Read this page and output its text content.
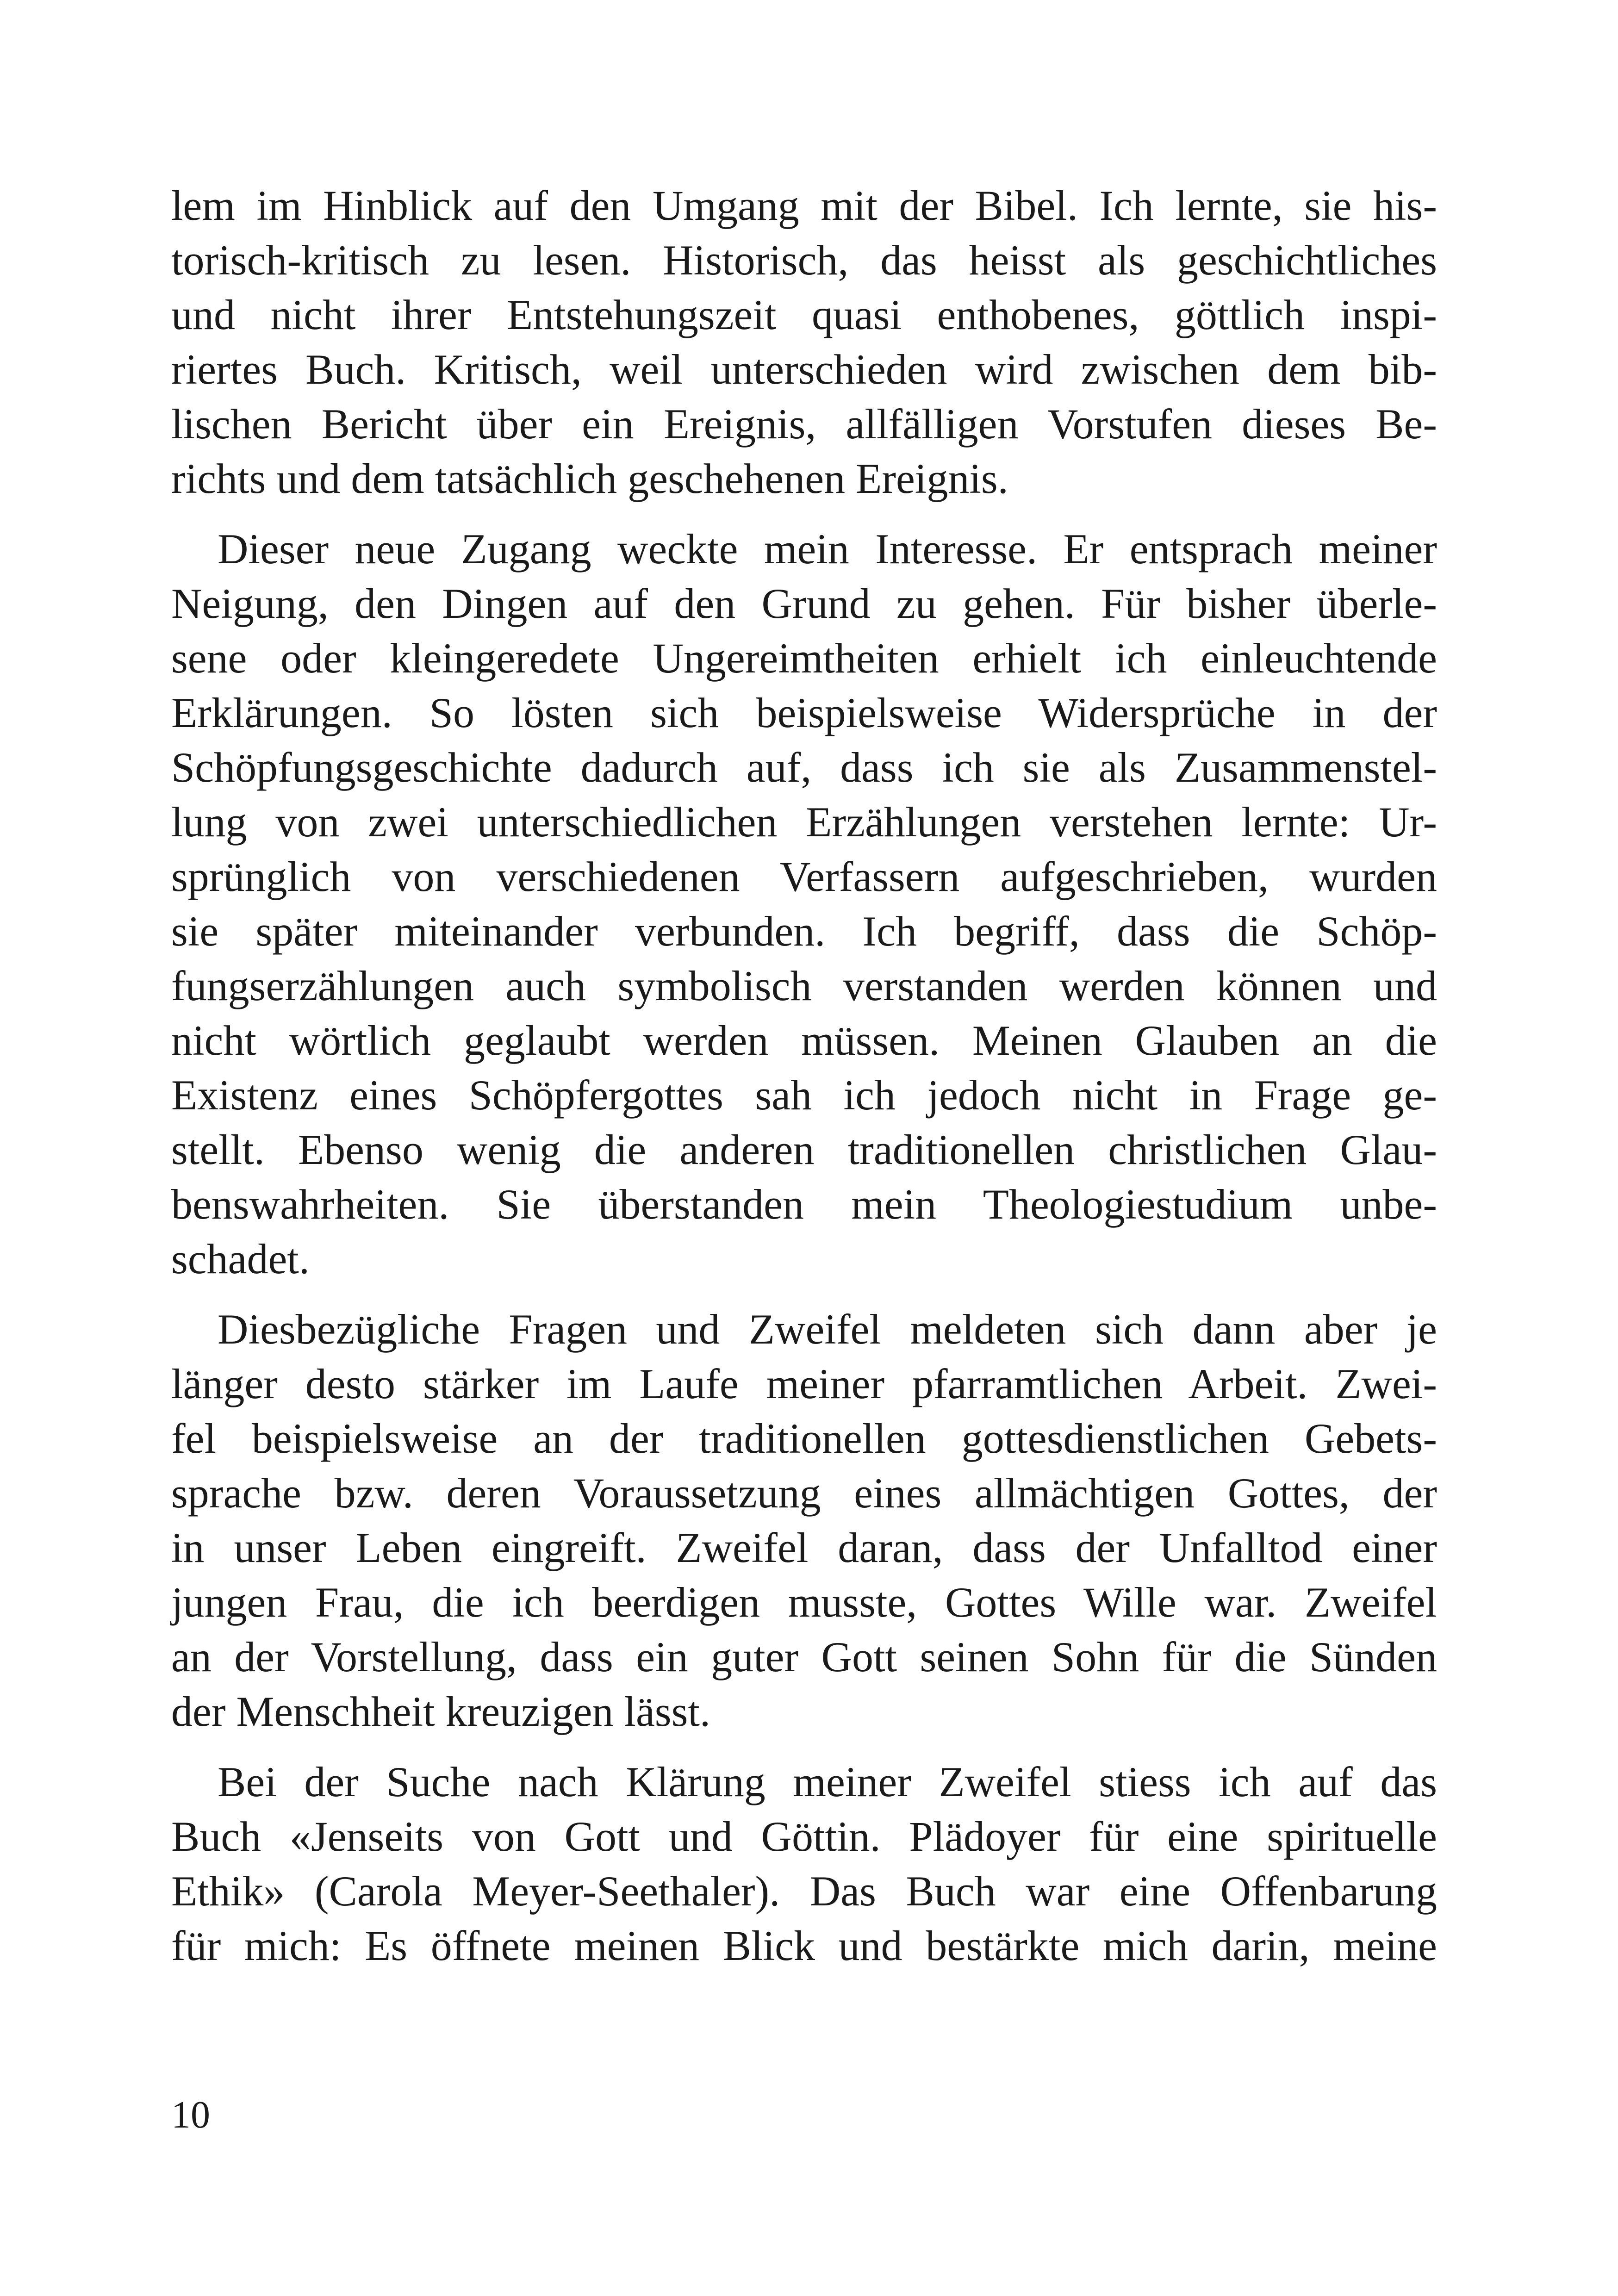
lem im Hinblick auf den Umgang mit der Bibel. Ich lernte, sie his-
torisch-kritisch zu lesen. Historisch, das heisst als geschichtliches
und nicht ihrer Entstehungszeit quasi enthobenes, göttlich inspi-
riertes Buch. Kritisch, weil unterschieden wird zwischen dem bib-
lischen Bericht über ein Ereignis, allfälligen Vorstufen dieses Be-
richts und dem tatsächlich geschehenen Ereignis.

Dieser neue Zugang weckte mein Interesse. Er entsprach meiner
Neigung, den Dingen auf den Grund zu gehen. Für bisher überle-
sene oder kleingeredete Ungereimtheiten erhielt ich einleuchtende
Erklärungen. So lösten sich beispielsweise Widersprüche in der
Schöpfungsgeschichte dadurch auf, dass ich sie als Zusammenstel-
lung von zwei unterschiedlichen Erzählungen verstehen lernte: Ur-
sprünglich von verschiedenen Verfassern aufgeschrieben, wurden
sie später miteinander verbunden. Ich begriff, dass die Schöp-
fungserzählungen auch symbolisch verstanden werden können und
nicht wörtlich geglaubt werden müssen. Meinen Glauben an die
Existenz eines Schöpfergottes sah ich jedoch nicht in Frage ge-
stellt. Ebenso wenig die anderen traditionellen christlichen Glau-
benswahrheiten. Sie überstanden mein Theologiestudium unbe-
schadet.

Diesbezügliche Fragen und Zweifel meldeten sich dann aber je
länger desto stärker im Laufe meiner pfarramtlichen Arbeit. Zwei-
fel beispielsweise an der traditionellen gottesdienstlichen Gebets-
sprache bzw. deren Voraussetzung eines allmächtigen Gottes, der
in unser Leben eingreift. Zweifel daran, dass der Unfalltod einer
jungen Frau, die ich beerdigen musste, Gottes Wille war. Zweifel
an der Vorstellung, dass ein guter Gott seinen Sohn für die Sünden
der Menschheit kreuzigen lässt.

Bei der Suche nach Klärung meiner Zweifel stiess ich auf das
Buch «Jenseits von Gott und Göttin. Plädoyer für eine spirituelle
Ethik» (Carola Meyer-Seethaler). Das Buch war eine Offenbarung
für mich: Es öffnete meinen Blick und bestärkte mich darin, meine

10
